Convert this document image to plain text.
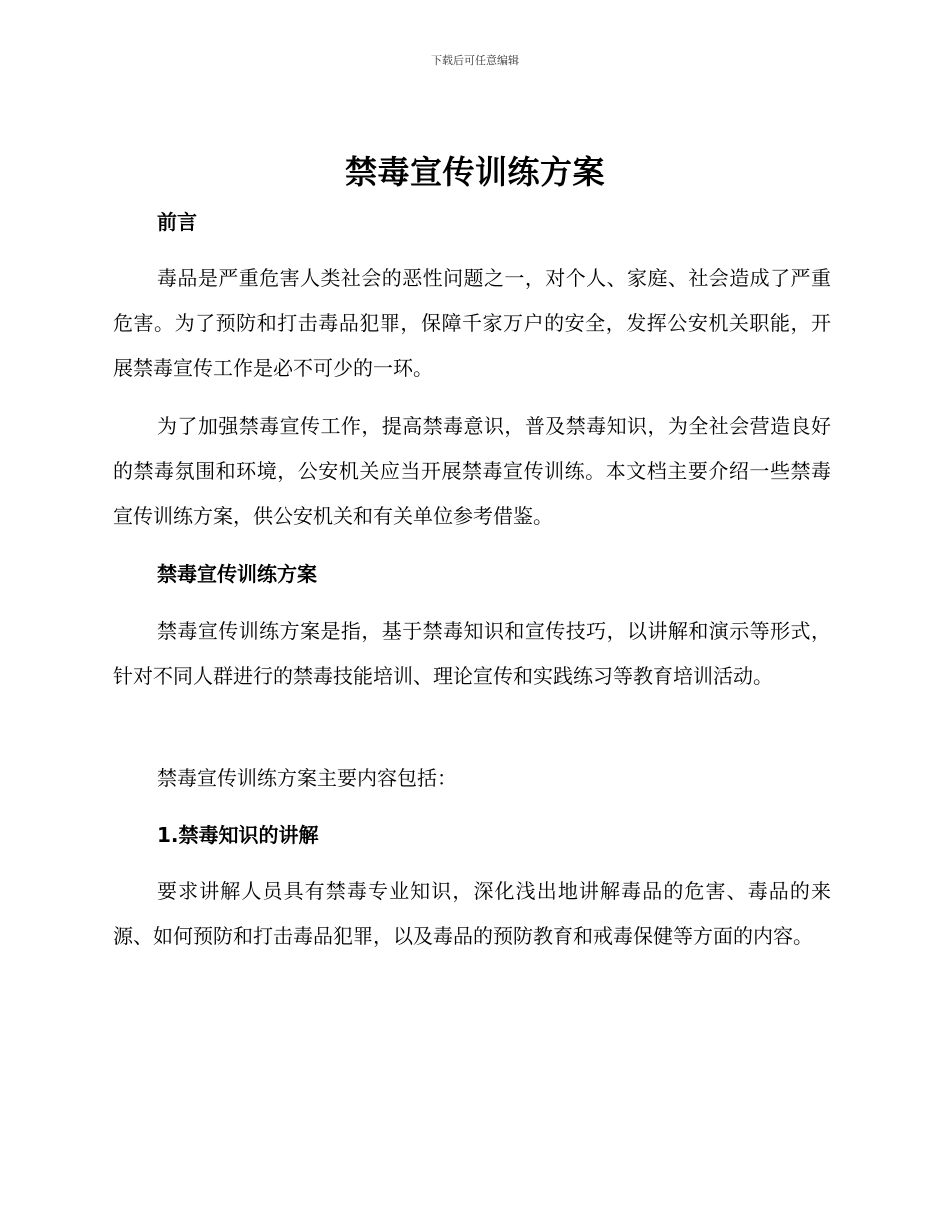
下载后可任意编辑
禁毒宣传训练方案
前言

毒品是严重危害人类社会的恶性问题之一，对个人、家庭、社会造成了严重危害。为了预防和打击毒品犯罪，保障千家万户的安全，发挥公安机关职能，开展禁毒宣传工作是必不可少的一环。

为了加强禁毒宣传工作，提高禁毒意识，普及禁毒知识，为全社会营造良好的禁毒氛围和环境，公安机关应当开展禁毒宣传训练。本文档主要介绍一些禁毒宣传训练方案，供公安机关和有关单位参考借鉴。

禁毒宣传训练方案

禁毒宣传训练方案是指，基于禁毒知识和宣传技巧，以讲解和演示等形式，针对不同人群进行的禁毒技能培训、理论宣传和实践练习等教育培训活动。

禁毒宣传训练方案主要内容包括：

1.禁毒知识的讲解

要求讲解人员具有禁毒专业知识，深化浅出地讲解毒品的危害、毒品的来源、如何预防和打击毒品犯罪，以及毒品的预防教育和戒毒保健等方面的内容。
